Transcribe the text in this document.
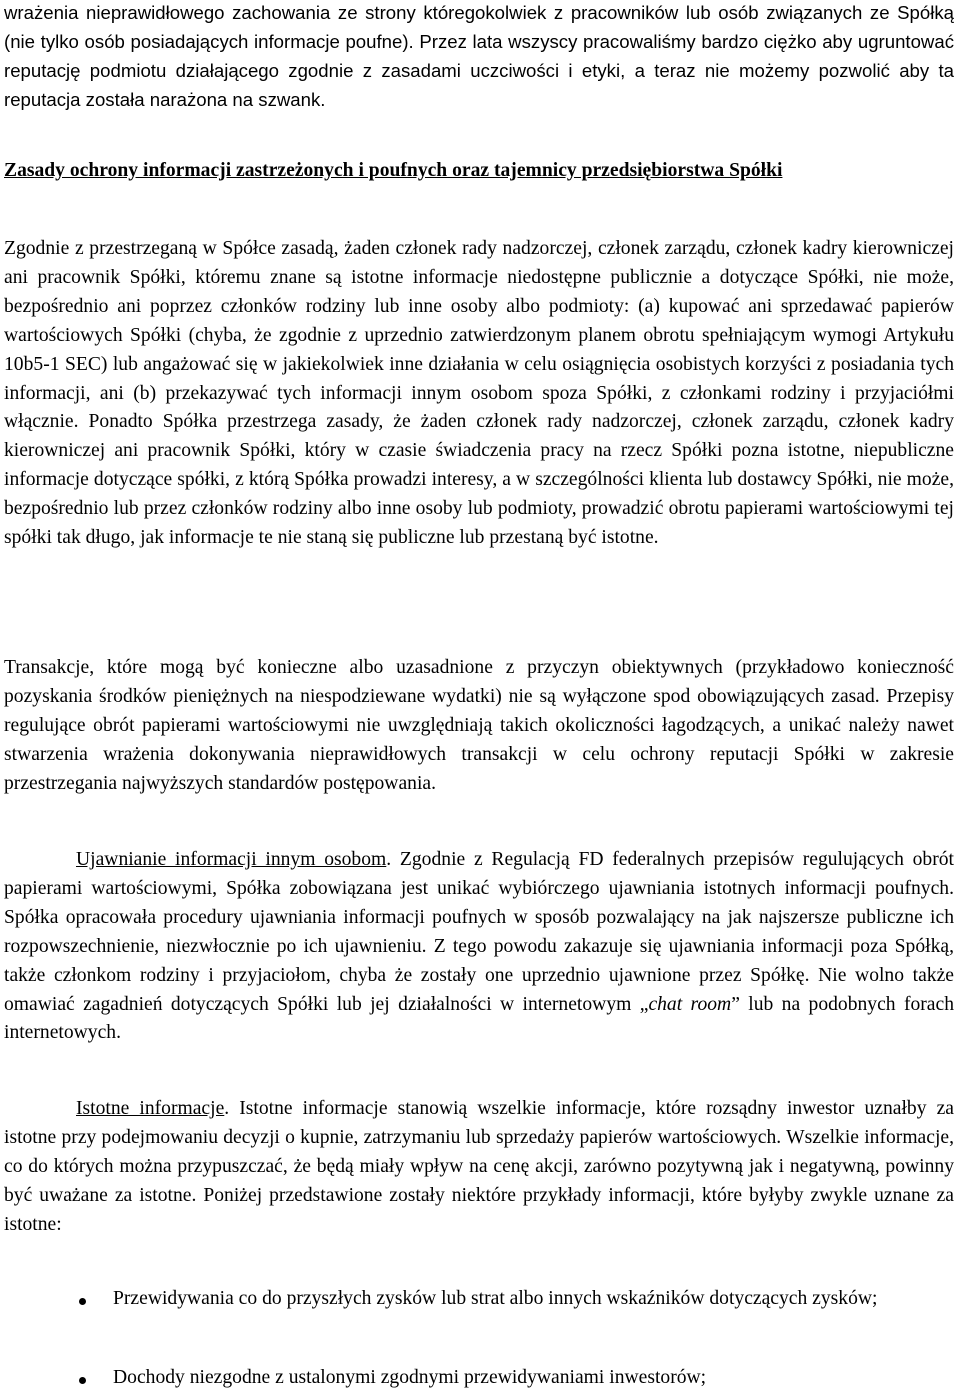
wrażenia nieprawidłowego zachowania ze strony któregokolwiek z pracowników lub osób związanych ze Spółką (nie tylko osób posiadających informacje poufne). Przez lata wszyscy pracowaliśmy bardzo ciężko aby ugruntować reputację podmiotu działającego zgodnie z zasadami uczciwości i etyki, a teraz nie możemy pozwolić aby ta reputacja została narażona na szwank.

Zasady ochrony informacji zastrzeżonych i poufnych oraz tajemnicy przedsiębiorstwa Spółki

Zgodnie z przestrzeganą w Spółce zasadą, żaden członek rady nadzorczej, członek zarządu, członek kadry kierowniczej ani pracownik Spółki, któremu znane są istotne informacje niedostępne publicznie a dotyczące Spółki, nie może, bezpośrednio ani poprzez członków rodziny lub inne osoby albo podmioty: (a) kupować ani sprzedawać papierów wartościowych Spółki (chyba, że zgodnie z uprzednio zatwierdzonym planem obrotu spełniającym wymogi Artykułu 10b5-1 SEC) lub angażować się w jakiekolwiek inne działania w celu osiągnięcia osobistych korzyści z posiadania tych informacji, ani (b) przekazywać tych informacji innym osobom spoza Spółki, z członkami rodziny i przyjaciółmi włącznie. Ponadto Spółka przestrzega zasady, że żaden członek rady nadzorczej, członek zarządu, członek kadry kierowniczej ani pracownik Spółki, który w czasie świadczenia pracy na rzecz Spółki pozna istotne, niepubliczne informacje dotyczące spółki, z którą Spółka prowadzi interesy, a w szczególności klienta lub dostawcy Spółki, nie może, bezpośrednio lub przez członków rodziny albo inne osoby lub podmioty, prowadzić obrotu papierami wartościowymi tej spółki tak długo, jak informacje te nie staną się publiczne lub przestaną być istotne.

Transakcje, które mogą być konieczne albo uzasadnione z przyczyn obiektywnych (przykładowo konieczność pozyskania środków pieniężnych na niespodziewane wydatki) nie są wyłączone spod obowiązujących zasad. Przepisy regulujące obrót papierami wartościowymi nie uwzględniają takich okoliczności łagodzących, a unikać należy nawet stwarzenia wrażenia dokonywania nieprawidłowych transakcji w celu ochrony reputacji Spółki w zakresie przestrzegania najwyższych standardów postępowania.

Ujawnianie informacji innym osobom. Zgodnie z Regulacją FD federalnych przepisów regulujących obrót papierami wartościowymi, Spółka zobowiązana jest unikać wybiórczego ujawniania istotnych informacji poufnych. Spółka opracowała procedury ujawniania informacji poufnych w sposób pozwalający na jak najszersze publiczne ich rozpowszechnienie, niezwłocznie po ich ujawnieniu. Z tego powodu zakazuje się ujawniania informacji poza Spółką, także członkom rodziny i przyjaciołom, chyba że zostały one uprzednio ujawnione przez Spółkę. Nie wolno także omawiać zagadnień dotyczących Spółki lub jej działalności w internetowym „chat room” lub na podobnych forach internetowych.

Istotne informacje. Istotne informacje stanowią wszelkie informacje, które rozsądny inwestor uznałby za istotne przy podejmowaniu decyzji o kupnie, zatrzymaniu lub sprzedaży papierów wartościowych. Wszelkie informacje, co do których można przypuszczać, że będą miały wpływ na cenę akcji, zarówno pozytywną jak i negatywną, powinny być uważane za istotne. Poniżej przedstawione zostały niektóre przykłady informacji, które byłyby zwykle uznane za istotne:

Przewidywania co do przyszłych zysków lub strat albo innych wskaźników dotyczących zysków;

Dochody niezgodne z ustalonymi zgodnymi przewidywaniami inwestorów;
